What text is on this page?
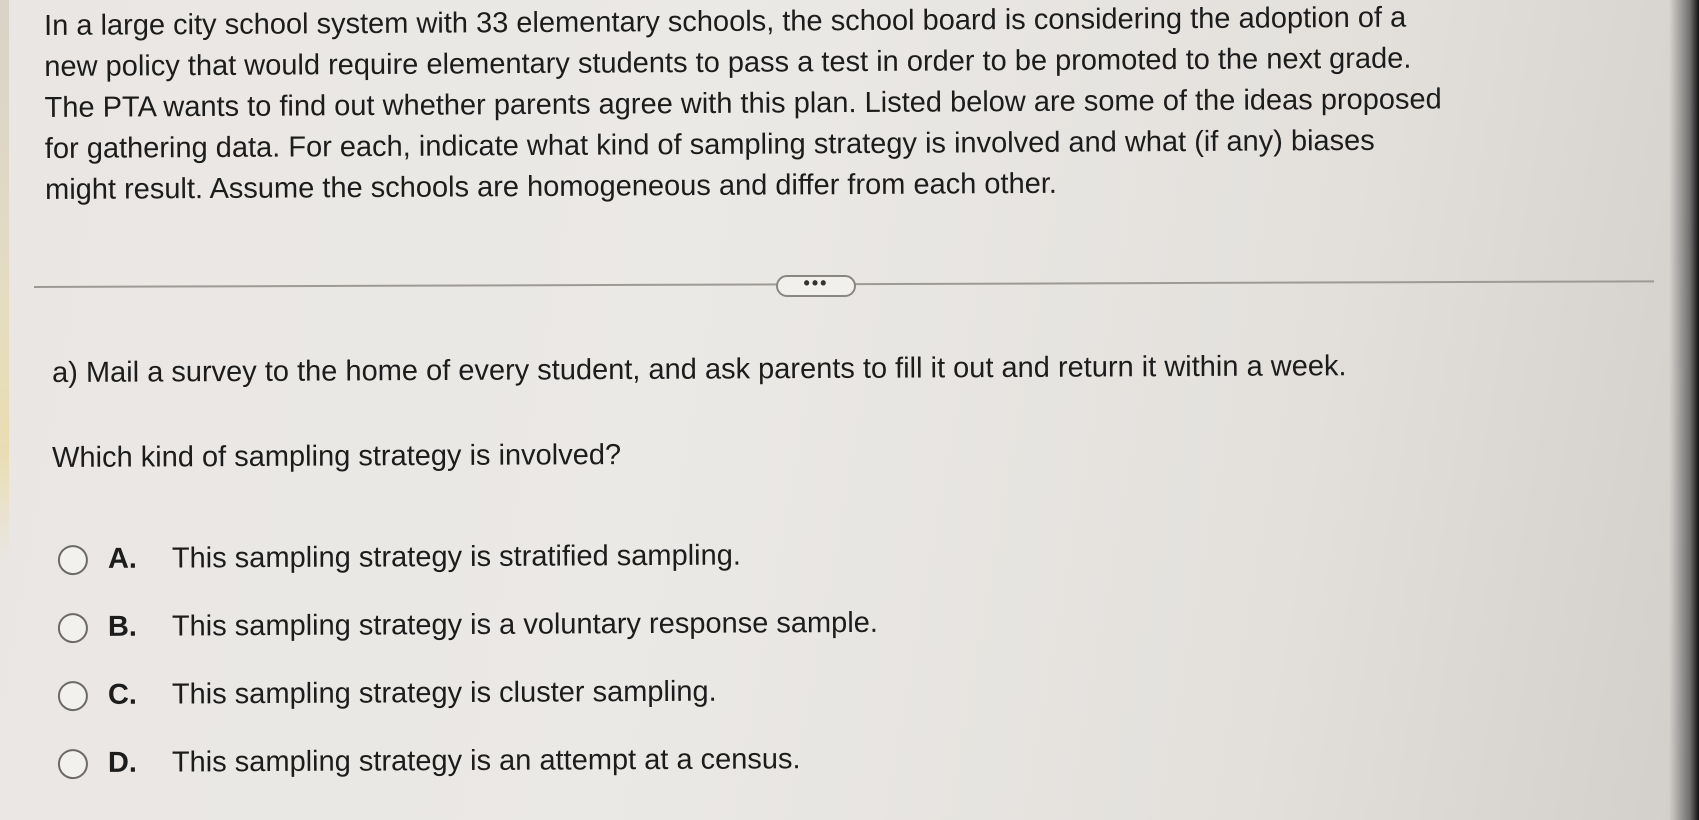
In a large city school system with 33 elementary schools, the school board is considering the adoption of a
new policy that would require elementary students to pass a test in order to be promoted to the next grade.
The PTA wants to find out whether parents agree with this plan. Listed below are some of the ideas proposed
for gathering data. For each, indicate what kind of sampling strategy is involved and what (if any) biases
might result. Assume the schools are homogeneous and differ from each other.
•••
a) Mail a survey to the home of every student, and ask parents to fill it out and return it within a week.
Which kind of sampling strategy is involved?
A. This sampling strategy is stratified sampling.
B. This sampling strategy is a voluntary response sample.
C. This sampling strategy is cluster sampling.
D. This sampling strategy is an attempt at a census.
